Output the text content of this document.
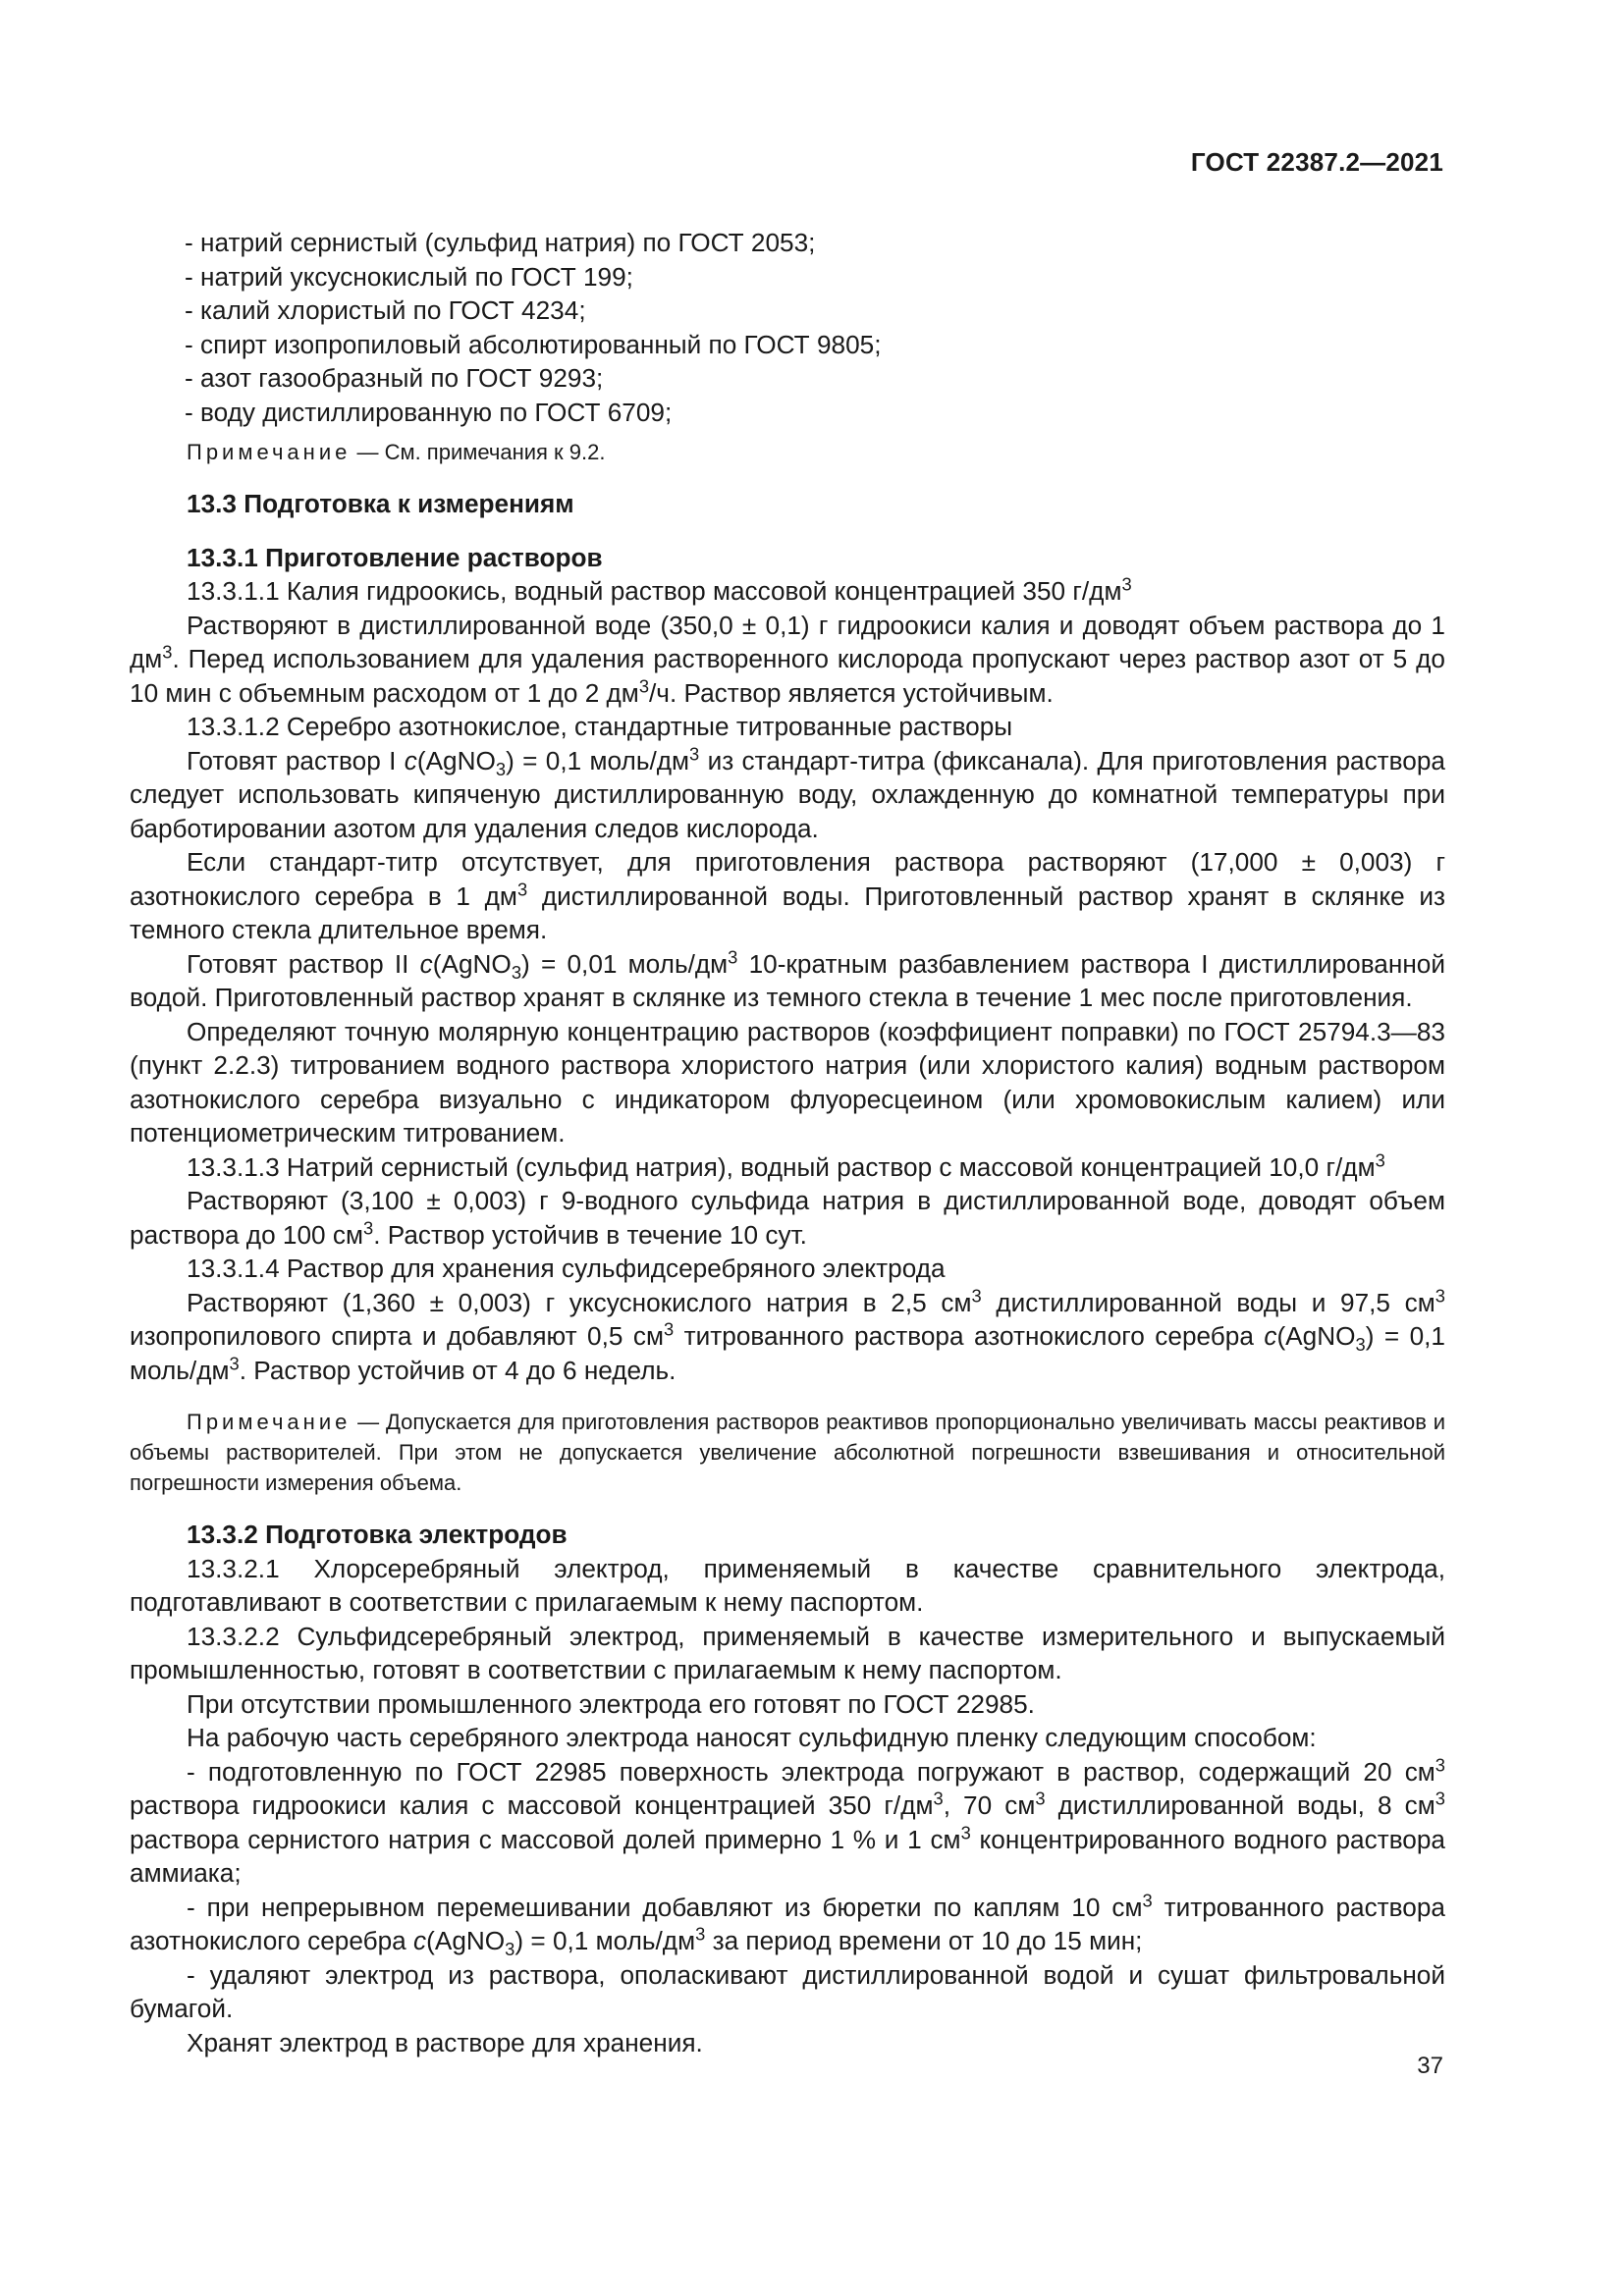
ГОСТ 22387.2—2021

- натрий сернистый (сульфид натрия) по ГОСТ 2053;

- натрий уксуснокислый по ГОСТ 199;

- калий хлористый по ГОСТ 4234;

- спирт изопропиловый абсолютированный по ГОСТ 9805;

- азот газообразный по ГОСТ 9293;

- воду дистиллированную по ГОСТ 6709;

Примечание — См. примечания к 9.2.

13.3 Подготовка к измерениям

13.3.1 Приготовление растворов

13.3.1.1 Калия гидроокись, водный раствор массовой концентрацией 350 $г/дм^3$

Растворяют в дистиллированной воде (350,0 ± 0,1) г гидроокиси калия и доводят объем раствора до 1 $дм^3$. Перед использованием для удаления растворенного кислорода пропускают через раствор азот от 5 до 10 мин с объемным расходом от 1 до 2 $дм^3/ч$. Раствор является устойчивым.

13.3.1.2 Серебро азотнокислое, стандартные титрованные растворы

Готовят раствор I c(AgNO$_3$) = 0,1 моль/$дм^3$ из стандарт-титра (фиксанала). Для приготовления раствора следует использовать кипяченую дистиллированную воду, охлажденную до комнатной температуры при барботировании азотом для удаления следов кислорода.

Если стандарт-титр отсутствует, для приготовления раствора растворяют (17,000 ± 0,003) г азотнокислого серебра в 1 $дм^3$ дистиллированной воды. Приготовленный раствор хранят в склянке из темного стекла длительное время.

Готовят раствор II c(AgNO$_3$) = 0,01 моль/$дм^3$ 10-кратным разбавлением раствора I дистиллированной водой. Приготовленный раствор хранят в склянке из темного стекла в течение 1 мес после приготовления.

Определяют точную молярную концентрацию растворов (коэффициент поправки) по ГОСТ 25794.3—83 (пункт 2.2.3) титрованием водного раствора хлористого натрия (или хлористого калия) водным раствором азотнокислого серебра визуально с индикатором флуоресцеином (или хромовокислым калием) или потенциометрическим титрованием.

13.3.1.3 Натрий сернистый (сульфид натрия), водный раствор с массовой концентрацией 10,0 $г/дм^3$

Растворяют (3,100 ± 0,003) г 9-водного сульфида натрия в дистиллированной воде, доводят объем раствора до 100 $см^3$. Раствор устойчив в течение 10 сут.

13.3.1.4 Раствор для хранения сульфидсеребряного электрода

Растворяют (1,360 ± 0,003) г уксуснокислого натрия в 2,5 $см^3$ дистиллированной воды и 97,5 $см^3$ изопропилового спирта и добавляют 0,5 $см^3$ титрованного раствора азотнокислого серебра c(AgNO$_3$) = 0,1 моль/$дм^3$. Раствор устойчив от 4 до 6 недель.

Примечание — Допускается для приготовления растворов реактивов пропорционально увеличивать массы реактивов и объемы растворителей. При этом не допускается увеличение абсолютной погрешности взвешивания и относительной погрешности измерения объема.

13.3.2 Подготовка электродов

13.3.2.1 Хлорсеребряный электрод, применяемый в качестве сравнительного электрода, подготавливают в соответствии с прилагаемым к нему паспортом.

13.3.2.2 Сульфидсеребряный электрод, применяемый в качестве измерительного и выпускаемый промышленностью, готовят в соответствии с прилагаемым к нему паспортом.

При отсутствии промышленного электрода его готовят по ГОСТ 22985.

На рабочую часть серебряного электрода наносят сульфидную пленку следующим способом:

- подготовленную по ГОСТ 22985 поверхность электрода погружают в раствор, содержащий 20 $см^3$ раствора гидроокиси калия с массовой концентрацией 350 $г/дм^3$, 70 $см^3$ дистиллированной воды, 8 $см^3$ раствора сернистого натрия с массовой долей примерно 1 % и 1 $см^3$ концентрированного водного раствора аммиака;

- при непрерывном перемешивании добавляют из бюретки по каплям 10 $см^3$ титрованного раствора азотнокислого серебра c(AgNO$_3$) = 0,1 моль/$дм^3$ за период времени от 10 до 15 мин;

- удаляют электрод из раствора, ополаскивают дистиллированной водой и сушат фильтровальной бумагой.

Хранят электрод в растворе для хранения.

37
